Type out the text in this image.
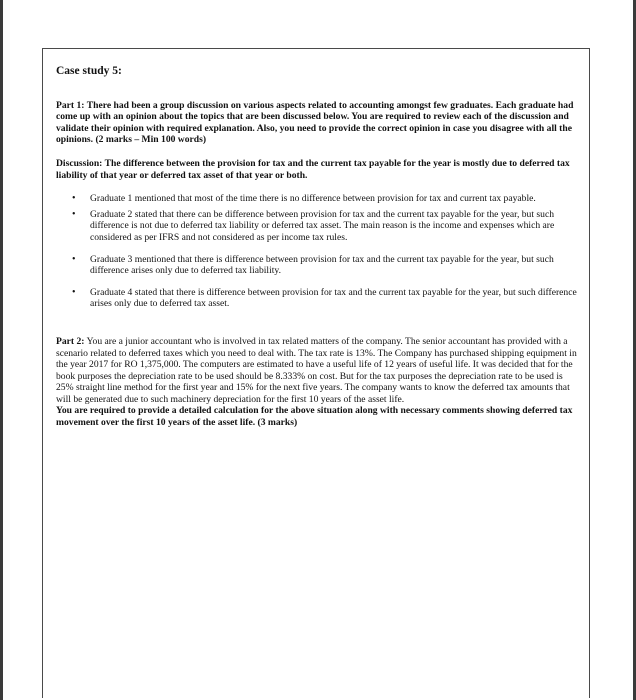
Case study 5:

Part 1: There had been a group discussion on various aspects related to accounting amongst few graduates. Each graduate had come up with an opinion about the topics that are been discussed below. You are required to review each of the discussion and validate their opinion with required explanation. Also, you need to provide the correct opinion in case you disagree with all the opinions. (2 marks – Min 100 words)

Discussion: The difference between the provision for tax and the current tax payable for the year is mostly due to deferred tax liability of that year or deferred tax asset of that year or both.

• Graduate 1 mentioned that most of the time there is no difference between provision for tax and current tax payable.
• Graduate 2 stated that there can be difference between provision for tax and the current tax payable for the year, but such difference is not due to deferred tax liability or deferred tax asset. The main reason is the income and expenses which are considered as per IFRS and not considered as per income tax rules.
• Graduate 3 mentioned that there is difference between provision for tax and the current tax payable for the year, but such difference arises only due to deferred tax liability.
• Graduate 4 stated that there is difference between provision for tax and the current tax payable for the year, but such difference arises only due to deferred tax asset.

Part 2: You are a junior accountant who is involved in tax related matters of the company. The senior accountant has provided with a scenario related to deferred taxes which you need to deal with. The tax rate is 13%. The Company has purchased shipping equipment in the year 2017 for RO 1,375,000. The computers are estimated to have a useful life of 12 years of useful life. It was decided that for the book purposes the depreciation rate to be used should be 8.333% on cost. But for the tax purposes the depreciation rate to be used is 25% straight line method for the first year and 15% for the next five years. The company wants to know the deferred tax amounts that will be generated due to such machinery depreciation for the first 10 years of the asset life.

You are required to provide a detailed calculation for the above situation along with necessary comments showing deferred tax movement over the first 10 years of the asset life. (3 marks)
